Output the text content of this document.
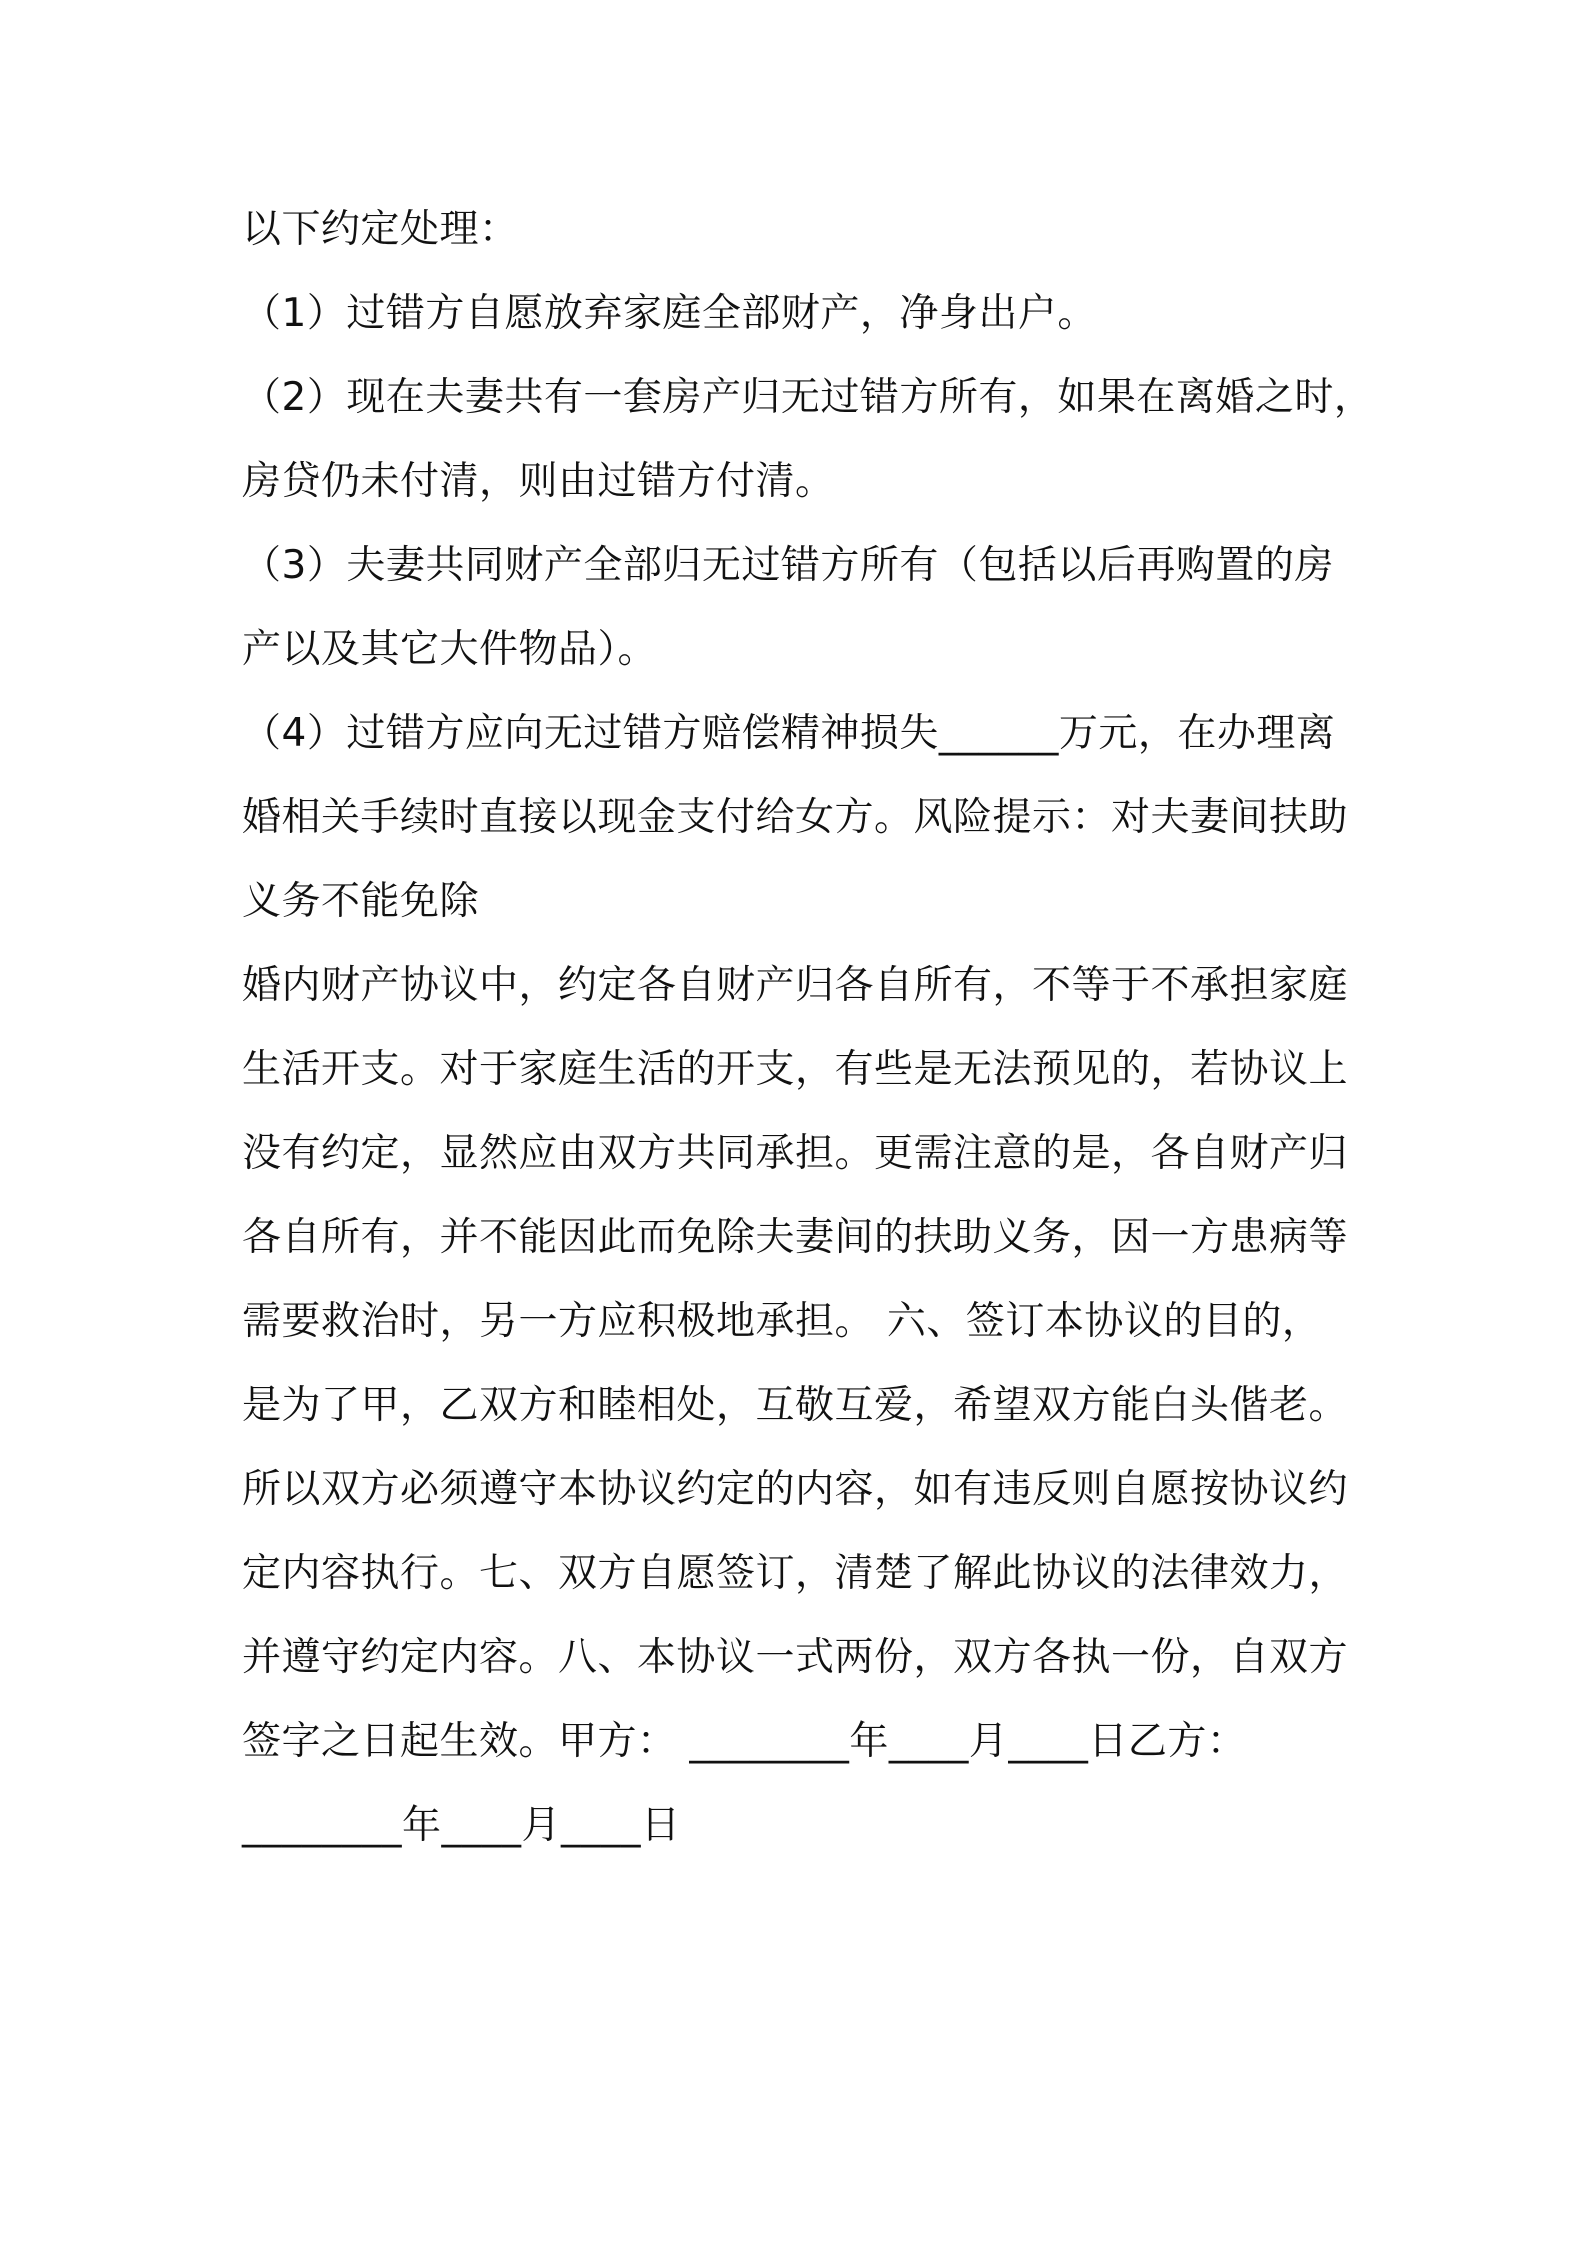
以下约定处理：
（1）过错方自愿放弃家庭全部财产，净身出户。
（2）现在夫妻共有一套房产归无过错方所有，如果在离婚之时，
房贷仍未付清，则由过错方付清。
（3）夫妻共同财产全部归无过错方所有（包括以后再购置的房
产以及其它大件物品）。
（4）过错方应向无过错方赔偿精神损失______万元，在办理离
婚相关手续时直接以现金支付给女方。风险提示：对夫妻间扶助
义务不能免除
婚内财产协议中，约定各自财产归各自所有，不等于不承担家庭
生活开支。对于家庭生活的开支，有些是无法预见的，若协议上
没有约定，显然应由双方共同承担。更需注意的是，各自财产归
各自所有，并不能因此而免除夫妻间的扶助义务，因一方患病等
需要救治时，另一方应积极地承担。 六、签订本协议的目的，
是为了甲，乙双方和睦相处，互敬互爱，希望双方能白头偕老。
所以双方必须遵守本协议约定的内容，如有违反则自愿按协议约
定内容执行。七、双方自愿签订，清楚了解此协议的法律效力，
并遵守约定内容。八、本协议一式两份，双方各执一份，自双方
签字之日起生效。甲方： ________年____月____日乙方：
________年____月____日
